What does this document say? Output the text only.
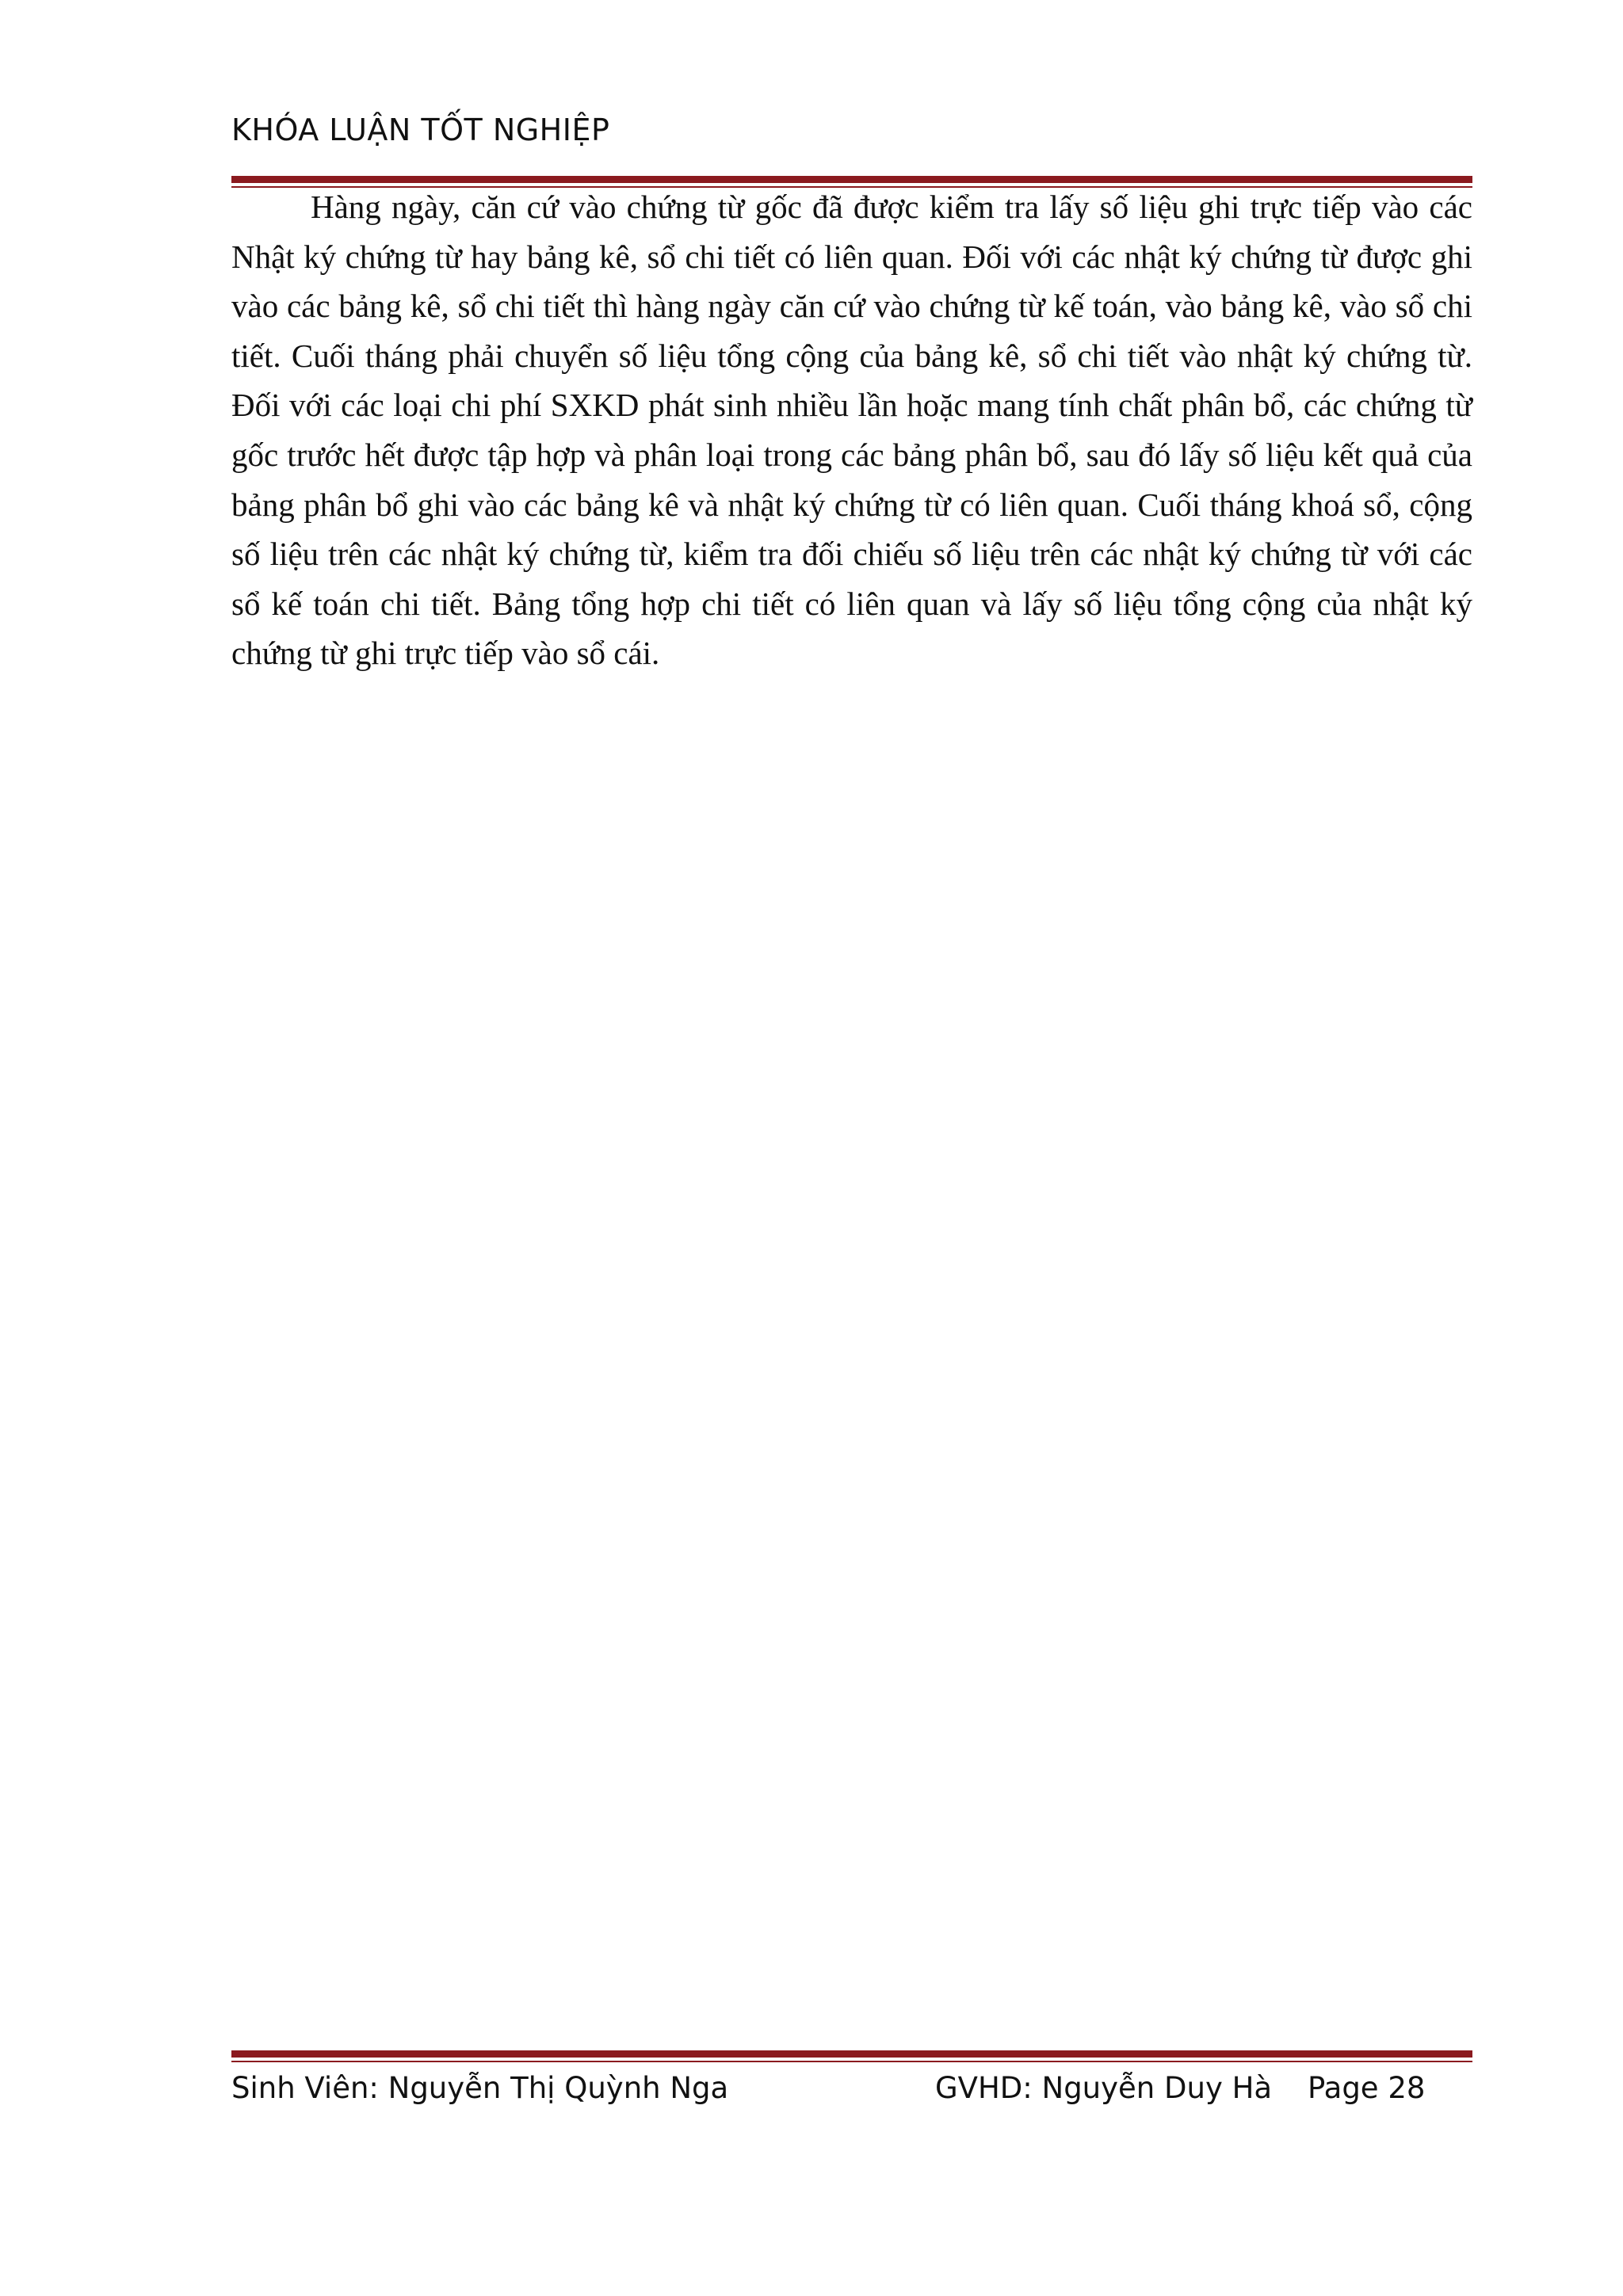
KHÓA LUẬN TỐT NGHIỆP

Hàng ngày, căn cứ vào chứng từ gốc đã được kiểm tra lấy số liệu ghi trực tiếp vào các Nhật ký chứng từ hay bảng kê, sổ chi tiết có liên quan. Đối với các nhật ký chứng từ được ghi vào các bảng kê, sổ chi tiết thì hàng ngày căn cứ vào chứng từ kế toán, vào bảng kê, vào sổ chi tiết. Cuối tháng phải chuyển số liệu tổng cộng của bảng kê, sổ chi tiết vào nhật ký chứng từ. Đối với các loại chi phí SXKD phát sinh nhiều lần hoặc mang tính chất phân bổ, các chứng từ gốc trước hết được tập hợp và phân loại trong các bảng phân bổ, sau đó lấy số liệu kết quả của bảng phân bổ ghi vào các bảng kê và nhật ký chứng từ có liên quan. Cuối tháng khoá sổ, cộng số liệu trên các nhật ký chứng từ, kiểm tra đối chiếu số liệu trên các nhật ký chứng từ với các sổ kế toán chi tiết. Bảng tổng hợp chi tiết có liên quan và lấy số liệu tổng cộng của nhật ký chứng từ ghi trực tiếp vào sổ cái.

Sinh Viên: Nguyễn Thị Quỳnh Nga	GVHD: Nguyễn Duy Hà Page 28
